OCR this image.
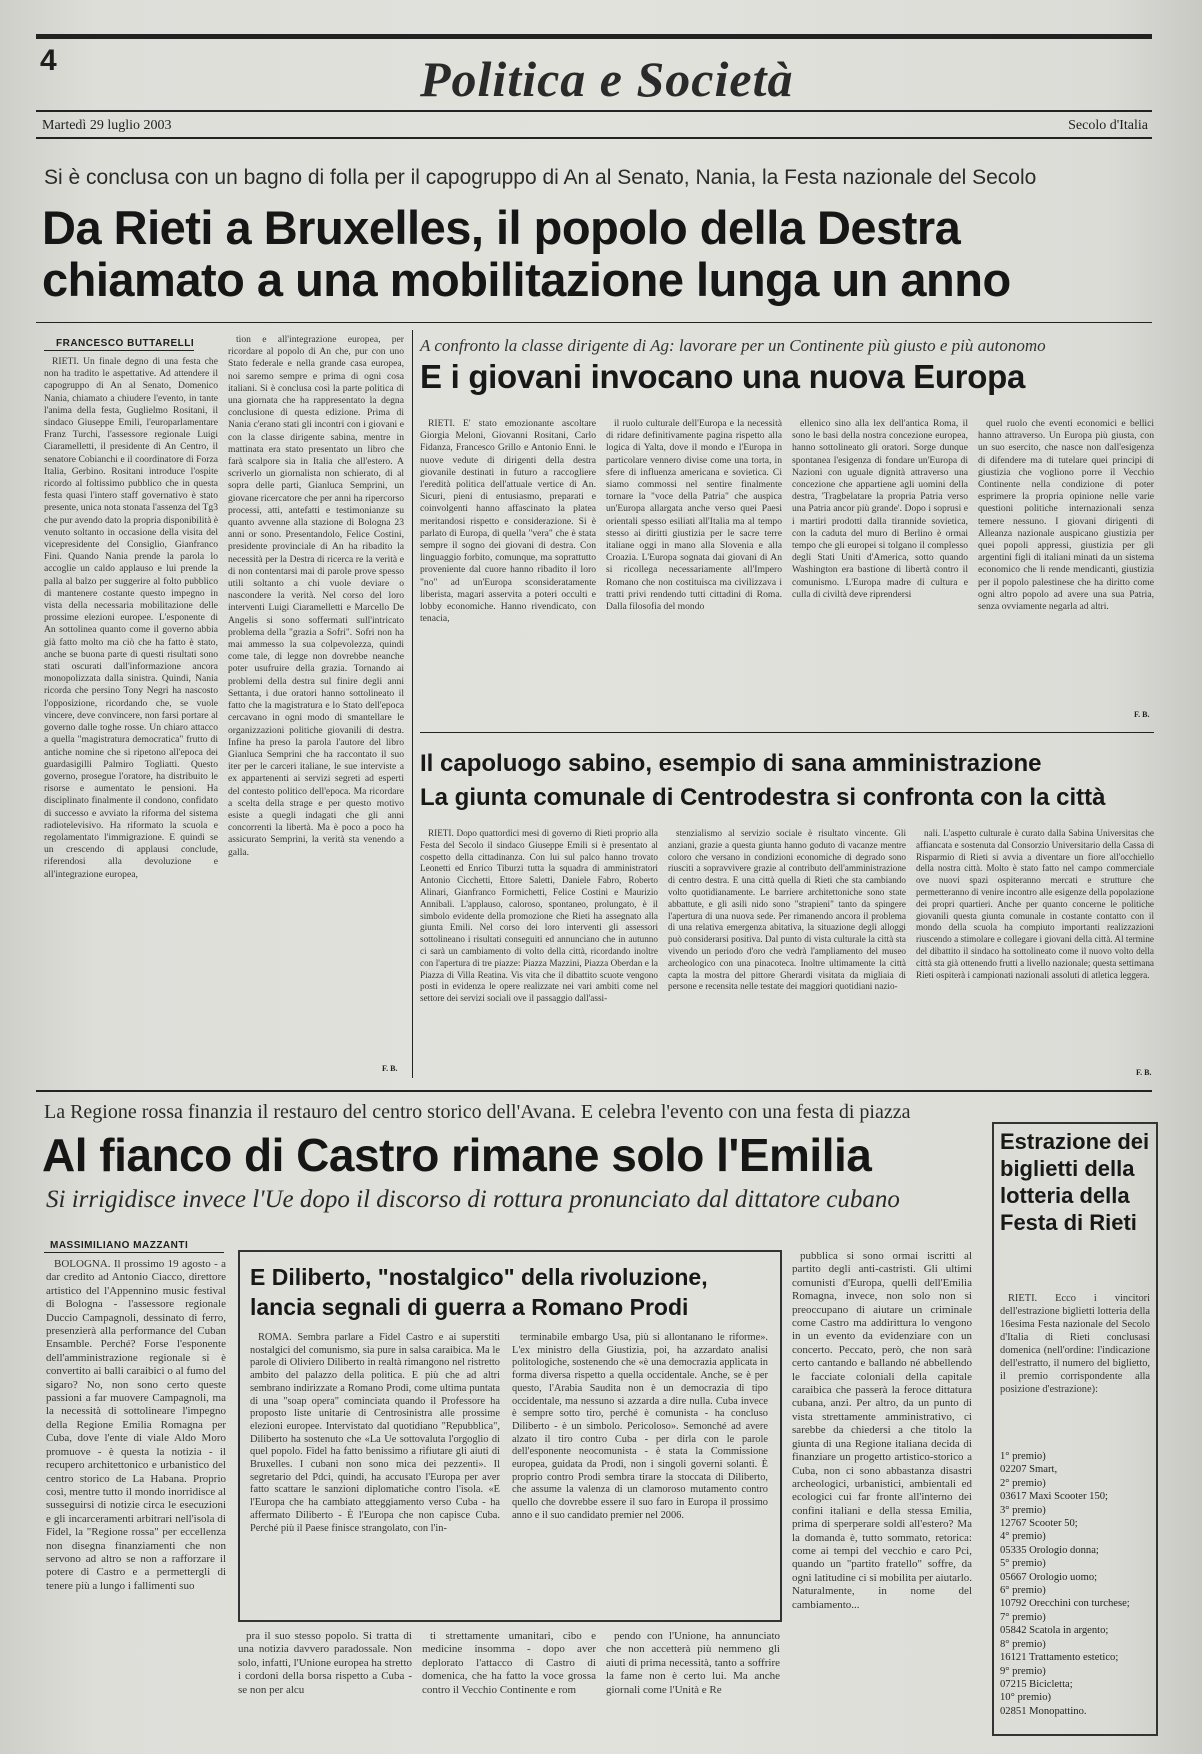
4	Politica e Società
Martedì 29 luglio 2003	Secolo d'Italia
Si è conclusa con un bagno di folla per il capogruppo di An al Senato, Nania, la Festa nazionale del Secolo
Da Rieti a Bruxelles, il popolo della Destra
chiamato a una mobilitazione lunga un anno
FRANCESCO BUTTARELLI

RIETI. Un finale degno di una festa che non ha tradito le aspettative. Ad attendere il capogruppo di An al Senato, Domenico Nania, chiamato a chiudere l'evento, in tante l'anima della festa, Guglielmo Rositani, il sindaco Giuseppe Emili, l'europarlamentare Franz Turchi, l'assessore regionale Luigi Ciaramelletti, il presidente di An Centro, il senatore Cobianchi e il coordinatore di Forza Italia, Gerbino. Rositani introduce l'ospite ricordo al foltissimo pubblico che in questa festa quasi l'intero staff governativo è stato presente, unica nota stonata l'assenza del Tg3 che pur avendo dato la propria disponibilità è venuto soltanto in occasione della visita del vicepresidente del Consiglio, Gianfranco Fini. Quando Nania prende la parola lo accoglie un caldo applauso e lui prende la palla al balzo per suggerire al folto pubblico di mantenere costante questo impegno in vista della necessaria mobilitazione delle prossime elezioni europee. L'esponente di An sottolinea quanto come il governo abbia già fatto molto ma ciò che ha fatto è stato, anche se buona parte di questi risultati sono stati oscurati dall'informazione ancora monopolizzata dalla sinistra. Quindi, Nania ricorda che persino Tony Negri ha nascosto l'opposizione, ricordando che, se vuole vincere, deve convincere, non farsi portare al governo dalle toghe rosse. Un chiaro attacco a quella "magistratura democratica" frutto di antiche nomine che si ripetono all'epoca dei guardasigilli Palmiro Togliatti. Questo governo, prosegue l'oratore, ha distribuito le risorse e aumentato le pensioni. Ha disciplinato finalmente il condono, confidato di successo e avviato la riforma del sistema radiotelevisivo. Ha riformato la scuola e regolamentato l'immigrazione. E quindi se un crescendo di applausi conclude, riferendosi alla devoluzione e all'integrazione europea,

tion e all'integrazione europea, per ricordare al popolo di An che, pur con uno Stato federale e nella grande casa europea, noi saremo sempre e prima di ogni cosa italiani. Si è conclusa così la parte politica di una giornata che ha rappresentato la degna conclusione di questa edizione. Prima di Nania c'erano stati gli incontri con i giovani e con la classe dirigente sabina, mentre in mattinata era stato presentato un libro che farà scalpore sia in Italia che all'estero. A scriverlo un giornalista non schierato, di al sopra delle parti, Gianluca Semprini, un giovane ricercatore che per anni ha ripercorso processi, atti, antefatti e testimonianze su quanto avvenne alla stazione di Bologna 23 anni or sono. Presentandolo, Felice Costini, presidente provinciale di An ha ribadito la necessità per la Destra di ricerca re la verità e di non contentarsi mai di parole prove spesso utili soltanto a chi vuole deviare o nascondere la verità. Nel corso del loro interventi Luigi Ciaramelletti e Marcello De Angelis si sono soffermati sull'intricato problema della "grazia a Sofri". Sofri non ha mai ammesso la sua colpevolezza, quindi come tale, di legge non dovrebbe neanche poter usufruire della grazia. Tornando ai problemi della destra sul finire degli anni Settanta, i due oratori hanno sottolineato il fatto che la magistratura e lo Stato dell'epoca cercavano in ogni modo di smantellare le organizzazioni politiche giovanili di destra. Infine ha preso la parola l'autore del libro Gianluca Semprini che ha raccontato il suo iter per le carceri italiane, le sue interviste a ex appartenenti ai servizi segreti ad esperti del contesto politico dell'epoca. Ma ricordare a scelta della strage e per questo motivo esiste a quegli indagati che gli anni concorrenti la libertà. Ma è poco a poco ha assicurato Semprini, la verità sta venendo a galla.

F. B.
A confronto la classe dirigente di Ag: lavorare per un Continente più giusto e più autonomo
E i giovani invocano una nuova Europa

RIETI. E' stato emozionante ascoltare Giorgia Meloni, Giovanni Rositani, Carlo Fidanza, Francesco Grillo e Antonio Enni. le nuove vedute di dirigenti della destra giovanile destinati in futuro a raccogliere l'eredità politica dell'attuale vertice di An. Sicuri, pieni di entusiasmo, preparati e coinvolgenti hanno affascinato la platea meritandosi rispetto e considerazione. Si è parlato di Europa, di quella "vera" che è stata sempre il sogno dei giovani di destra. Con linguaggio forbito, comunque, ma soprattutto proveniente dal cuore hanno ribadito il loro "no" ad un'Europa sconsideratamente liberista, magari asservita a poteri occulti e lobby economiche. Hanno rivendicato, con tenacia,

il ruolo culturale dell'Europa e la necessità di ridare definitivamente pagina rispetto alla logica di Yalta, dove il mondo e l'Europa in particolare vennero divise come una torta, in sfere di influenza americana e sovietica. Ci siamo commossi nel sentire finalmente tornare la "voce della Patria" che auspica un'Europa allargata anche verso quei Paesi orientali spesso esiliati all'Italia ma al tempo stesso ai diritti giustizia per le sacre terre italiane oggi in mano alla Slovenia e alla Croazia. L'Europa sognata dai giovani di An si ricollega necessariamente all'Impero Romano che non costituisca ma civilizzava i tratti privi rendendo tutti cittadini di Roma. Dalla filosofia del mondo

ellenico sino alla lex dell'antica Roma, il sono le basi della nostra concezione europea, hanno sottolineato gli oratori. Sorge dunque spontanea l'esigenza di fondare un'Europa di Nazioni con uguale dignità attraverso una concezione che appartiene agli uomini della destra, 'Tragbelatare la propria Patria verso una Patria ancor più grande'. Dopo i soprusi e i martiri prodotti dalla tirannide sovietica, con la caduta del muro di Berlino è ormai tempo che gli europei si tolgano il complesso degli Stati Uniti d'America, sotto quando Washington era bastione di libertà contro il comunismo. L'Europa madre di cultura e culla di civiltà deve riprendersi

quel ruolo che eventi economici e bellici hanno attraverso. Un Europa più giusta, con un suo esercito, che nasce non dall'esigenza di difendere ma di tutelare quei principi di giustizia che vogliono porre il Vecchio Continente nella condizione di poter esprimere la propria opinione nelle varie questioni politiche internazionali senza temere nessuno. I giovani dirigenti di Alleanza nazionale auspicano giustizia per quei popoli appressi, giustizia per gli argentini figli di italiani minati da un sistema economico che li rende mendicanti, giustizia per il popolo palestinese che ha diritto come ogni altro popolo ad avere una sua Patria, senza ovviamente negarla ad altri.

F. B.
Il capoluogo sabino, esempio di sana amministrazione
La giunta comunale di Centrodestra si confronta con la città

RIETI. Dopo quattordici mesi di governo di Rieti proprio alla Festa del Secolo il sindaco Giuseppe Emili si è presentato al cospetto della cittadinanza. Con lui sul palco hanno trovato Leonetti ed Enrico Tiburzi tutta la squadra di amministratori Antonio Cicchetti, Ettore Saletti, Daniele Fabro, Roberto Alinari, Gianfranco Formichetti, Felice Costini e Maurizio Annibali. L'applauso, caloroso, spontaneo, prolungato, è il simbolo evidente della promozione che Rieti ha assegnato alla giunta Emili. Nel corso dei loro interventi gli assessori sottolineano i risultati conseguiti ed annunciano che in autunno ci sarà un cambiamento di volto della città, ricordando inoltre con l'apertura di tre piazze: Piazza Mazzini, Piazza Oberdan e la Piazza di Villa Reatina. Vis vita che il dibattito scuote vengono posti in evidenza le opere realizzate nei vari ambiti come nel settore dei servizi sociali ove il passaggio dall'assi-

stenzialismo al servizio sociale è risultato vincente. Gli anziani, grazie a questa giunta hanno goduto di vacanze mentre coloro che versano in condizioni economiche di degrado sono riusciti a sopravvivere grazie al contributo dell'amministrazione di centro destra. E una città quella di Rieti che sta cambiando volto quotidianamente. Le barriere architettoniche sono state abbattute, e gli asili nido sono "strapieni" tanto da spingere l'apertura di una nuova sede. Per rimanendo ancora il problema di una relativa emergenza abitativa, la situazione degli alloggi può considerarsi positiva. Dal punto di vista culturale la città sta vivendo un periodo d'oro che vedrà l'ampliamento del museo archeologico con una pinacoteca. Inoltre ultimamente la città capta la mostra del pittore Gherardi visitata da migliaia di persone e recensita nelle testate dei maggiori quotidiani nazio-

nali. L'aspetto culturale è curato dalla Sabina Universitas che affiancata e sostenuta dal Consorzio Universitario della Cassa di Risparmio di Rieti si avvia a diventare un fiore all'occhiello della nostra città. Molto è stato fatto nel campo commerciale ove nuovi spazi ospiteranno mercati e strutture che permetteranno di venire incontro alle esigenze della popolazione dei propri quartieri. Anche per quanto concerne le politiche giovanili questa giunta comunale in costante contatto con il mondo della scuola ha compiuto importanti realizzazioni riuscendo a stimolare e collegare i giovani della città. Al termine del dibattito il sindaco ha sottolineato come il nuovo volto della città sta già ottenendo frutti a livello nazionale; questa settimana Rieti ospiterà i campionati nazionali assoluti di atletica leggera.

F. B.
La Regione rossa finanzia il restauro del centro storico dell'Avana. E celebra l'evento con una festa di piazza
Al fianco di Castro rimane solo l'Emilia
Si irrigidisce invece l'Ue dopo il discorso di rottura pronunciato dal dittatore cubano
MASSIMILIANO MAZZANTI

BOLOGNA. Il prossimo 19 agosto - a dar credito ad Antonio Ciacco, direttore artistico del l'Appennino music festival di Bologna - l'assessore regionale Duccio Campagnoli, dessinato di ferro, presenzierà alla performance del Cuban Ensamble. Perché? Forse l'esponente dell'amministrazione regionale si è convertito ai balli caraibici o al fumo del sigaro? No, non sono certo queste passioni a far muovere Campagnoli, ma la necessità di sottolineare l'impegno della Regione Emilia Romagna per Cuba, dove l'ente di viale Aldo Moro promuove - è questa la notizia - il recupero architettonico e urbanistico del centro storico de La Habana. Proprio così, mentre tutto il mondo inorridisce al susseguirsi di notizie circa le esecuzioni e gli incarceramenti arbitrari nell'isola di Fidel, la "Regione rossa" per eccellenza non disegna finanziamenti che non servono ad altro se non a rafforzare il potere di Castro e a permettergli di tenere più a lungo i fallimenti suo

pra il suo stesso popolo. Si tratta di una notizia davvero paradossale. Non solo, infatti, l'Unione europea ha stretto i cordoni della borsa rispetto a Cuba - se non per alcu

ti strettamente umanitari, cibo e medicine insomma - dopo aver deplorato l'attacco di Castro di domenica, che ha fatto la voce grossa contro il Vecchio Continente e rom

pendo con l'Unione, ha annunciato che non accetterà più nemmeno gli aiuti di prima necessità, tanto a soffrire la fame non è certo lui. Ma anche giornali come l'Unità e Re

pubblica si sono ormai iscritti al partito degli anti-castristi. Gli ultimi comunisti d'Europa, quelli dell'Emilia Romagna, invece, non solo non si preoccupano di aiutare un criminale come Castro ma addirittura lo vengono in un evento da evidenziare con un concerto. Peccato, però, che non sarà certo cantando e ballando né abbellendo le facciate coloniali della capitale caraibica che passerà la feroce dittatura cubana, anzi. Per altro, da un punto di vista strettamente amministrativo, ci sarebbe da chiedersi a che titolo la giunta di una Regione italiana decida di finanziare un progetto artistico-storico a Cuba, non ci sono abbastanza disastri archeologici, urbanistici, ambientali ed ecologici cui far fronte all'interno dei confini italiani e della stessa Emilia, prima di sperperare soldi all'estero? Ma la domanda è, tutto sommato, retorica: come ai tempi del vecchio e caro Pci, quando un "partito fratello" soffre, da ogni latitudine ci si mobilita per aiutarlo. Naturalmente, in nome del cambiamento...

E Diliberto, "nostalgico" della rivoluzione,
lancia segnali di guerra a Romano Prodi

ROMA. Sembra parlare a Fidel Castro e ai superstiti nostalgici del comunismo, sia pure in salsa caraibica. Ma le parole di Oliviero Diliberto in realtà rimangono nel ristretto ambito del palazzo della politica. E più che ad altri sembrano indirizzate a Romano Prodi, come ultima puntata di una "soap opera" cominciata quando il Professore ha proposto liste unitarie di Centrosinistra alle prossime elezioni europee. Intervistato dal quotidiano "Repubblica", Diliberto ha sostenuto che «La Ue sottovaluta l'orgoglio di quel popolo. Fidel ha fatto benissimo a rifiutare gli aiuti di Bruxelles. I cubani non sono mica dei pezzenti». Il segretario del Pdci, quindi, ha accusato l'Europa per aver fatto scattare le sanzioni diplomatiche contro l'isola. «E l'Europa che ha cambiato atteggiamento verso Cuba - ha affermato Diliberto - È l'Europa che non capisce Cuba. Perché più il Paese finisce strangolato, con l'in-

terminabile embargo Usa, più si allontanano le riforme». L'ex ministro della Giustizia, poi, ha azzardato analisi politologiche, sostenendo che «è una democrazia applicata in forma diversa rispetto a quella occidentale. Anche, se è per questo, l'Arabia Saudita non è un democrazia di tipo occidentale, ma nessuno si azzarda a dire nulla. Cuba invece è sempre sotto tiro, perché è comunista - ha concluso Diliberto - è un simbolo. Pericoloso». Semonché ad avere alzato il tiro contro Cuba - per dirla con le parole dell'esponente neocomunista - è stata la Commissione europea, guidata da Prodi, non i singoli governi solanti. È proprio contro Prodi sembra tirare la stoccata di Diliberto, che assume la valenza di un clamoroso mutamento contro quello che dovrebbe essere il suo faro in Europa il prossimo anno e il suo candidato premier nel 2006.

Estrazione dei biglietti della lotteria della Festa di Rieti

RIETI. Ecco i vincitori dell'estrazione biglietti lotteria della 16esima Festa nazionale del Secolo d'Italia di Rieti conclusasi domenica (nell'ordine: l'indicazione dell'estratto, il numero del biglietto, il premio corrispondente alla posizione d'estrazione):

1° premio)
02207 Smart,
2° premio)
03617 Maxi Scooter 150;
3° premio)
12767 Scooter 50;
4° premio)
05335 Orologio donna;
5° premio)
05667 Orologio uomo;
6° premio)
10792 Orecchini con turchese;
7° premio)
05842 Scatola in argento;
8° premio)
16121 Trattamento estetico;
9° premio)
07215 Bicicletta;
10° premio)
02851 Monopattino.
